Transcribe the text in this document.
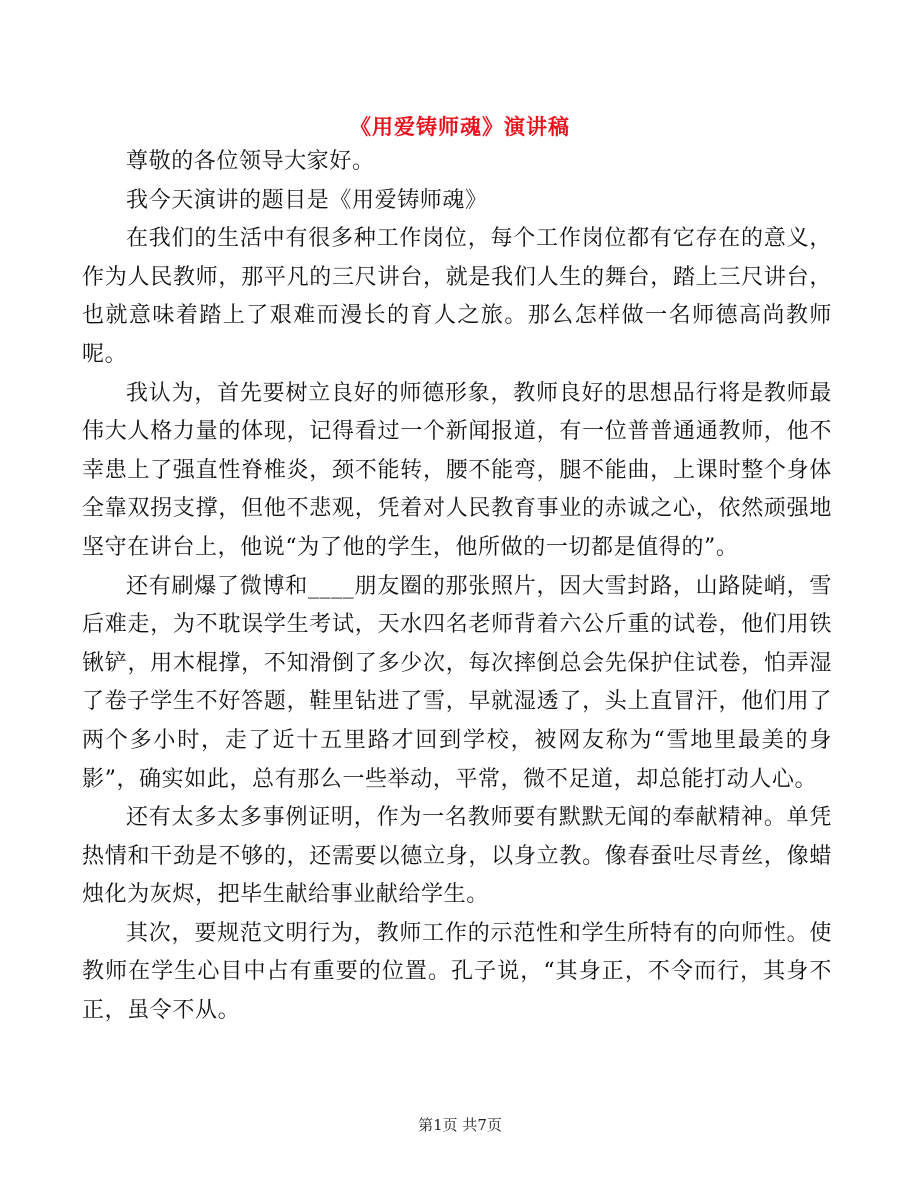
《用爱铸师魂》演讲稿

尊敬的各位领导大家好。

我今天演讲的题目是《用爱铸师魂》

在我们的生活中有很多种工作岗位，每个工作岗位都有它存在的意义，作为人民教师，那平凡的三尺讲台，就是我们人生的舞台，踏上三尺讲台，也就意味着踏上了艰难而漫长的育人之旅。那么怎样做一名师德高尚教师呢。

我认为，首先要树立良好的师德形象，教师良好的思想品行将是教师最伟大人格力量的体现，记得看过一个新闻报道，有一位普普通通教师，他不幸患上了强直性脊椎炎，颈不能转，腰不能弯，腿不能曲，上课时整个身体全靠双拐支撑，但他不悲观，凭着对人民教育事业的赤诚之心，依然顽强地坚守在讲台上，他说“为了他的学生，他所做的一切都是值得的”。

还有刷爆了微博和____朋友圈的那张照片，因大雪封路，山路陡峭，雪后难走，为不耽误学生考试，天水四名老师背着六公斤重的试卷，他们用铁锹铲，用木棍撑，不知滑倒了多少次，每次摔倒总会先保护住试卷，怕弄湿了卷子学生不好答题，鞋里钻进了雪，早就湿透了，头上直冒汗，他们用了两个多小时，走了近十五里路才回到学校，被网友称为“雪地里最美的身影”，确实如此，总有那么一些举动，平常，微不足道，却总能打动人心。

还有太多太多事例证明，作为一名教师要有默默无闻的奉献精神。单凭热情和干劲是不够的，还需要以德立身，以身立教。像春蚕吐尽青丝，像蜡烛化为灰烬，把毕生献给事业献给学生。

其次，要规范文明行为，教师工作的示范性和学生所特有的向师性。使教师在学生心目中占有重要的位置。孔子说，“其身正，不令而行，其身不正，虽令不从。

第1页 共7页
